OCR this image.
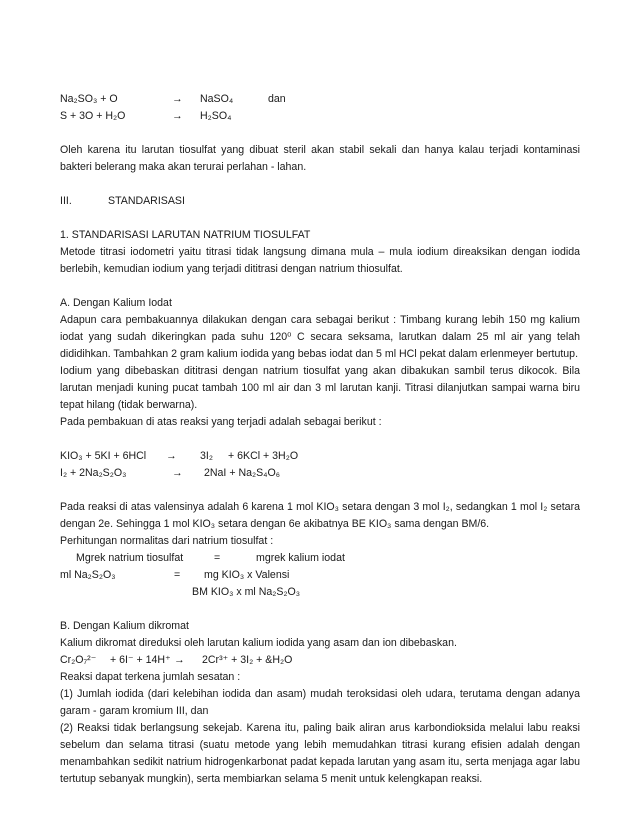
Na₂SO₃ + O	→ NaSO₄	dan
S + 3O + H₂O	→ H₂SO₄
Oleh karena itu larutan tiosulfat yang dibuat steril akan stabil sekali dan hanya kalau terjadi kontaminasi
bakteri belerang maka akan terurai perlahan - lahan.
III.	STANDARISASI
1. STANDARISASI LARUTAN NATRIUM TIOSULFAT
Metode titrasi iodometri yaitu titrasi tidak langsung dimana mula – mula iodium direaksikan dengan iodida
berlebih, kemudian iodium yang terjadi dititrasi dengan natrium thiosulfat.
A. Dengan Kalium Iodat
Adapun cara pembakuannya dilakukan dengan cara sebagai berikut : Timbang kurang lebih 150 mg kalium
iodat yang sudah dikeringkan pada suhu 120⁰ C secara seksama, larutkan dalam 25 ml air yang telah
dididihkan. Tambahkan 2 gram kalium iodida yang bebas iodat dan 5 ml HCl pekat dalam erlenmeyer bertutup.
Iodium yang dibebaskan dititrasi dengan natrium tiosulfat yang akan dibakukan sambil terus dikocok. Bila
larutan menjadi kuning pucat tambah 100 ml air dan 3 ml larutan kanji. Titrasi dilanjutkan sampai warna biru
tepat hilang (tidak berwarna).
Pada pembakuan di atas reaksi yang terjadi adalah sebagai berikut :
KIO₃ + 5KI + 6HCl → 3I₂ + 6KCl + 3H₂O
I₂ + 2Na₂S₂O₃	→ 2NaI + Na₂S₄O₆
Pada reaksi di atas valensinya adalah 6 karena 1 mol KIO₃ setara dengan 3 mol I₂, sedangkan 1 mol I₂ setara
dengan 2e. Sehingga 1 mol KIO₃ setara dengan 6e akibatnya BE KIO₃ sama dengan BM/6.
Perhitungan normalitas dari natrium tiosulfat :
Mgrek natrium tiosulfat	=	mgrek kalium iodat
ml Na₂S₂O₃	= mg KIO₃ x Valensi
BM KIO₃ x ml Na₂S₂O₃
B. Dengan Kalium dikromat
Kalium dikromat direduksi oleh larutan kalium iodida yang asam dan ion dibebaskan.
Cr₂O₇²⁻ + 6I⁻ + 14H⁺ → 2Cr³⁺ + 3I₂ + &H₂O
Reaksi dapat terkena jumlah sesatan :
(1) Jumlah iodida (dari kelebihan iodida dan asam) mudah teroksidasi oleh udara, terutama dengan adanya
garam - garam kromium III, dan
(2) Reaksi tidak berlangsung sekejab. Karena itu, paling baik aliran arus karbondioksida melalui labu reaksi
sebelum dan selama titrasi (suatu metode yang lebih memudahkan titrasi kurang efisien adalah dengan
menambahkan sedikit natrium hidrogenkarbonat padat kepada larutan yang asam itu, serta menjaga agar labu
tertutup sebanyak mungkin), serta membiarkan selama 5 menit untuk kelengkapan reaksi.
